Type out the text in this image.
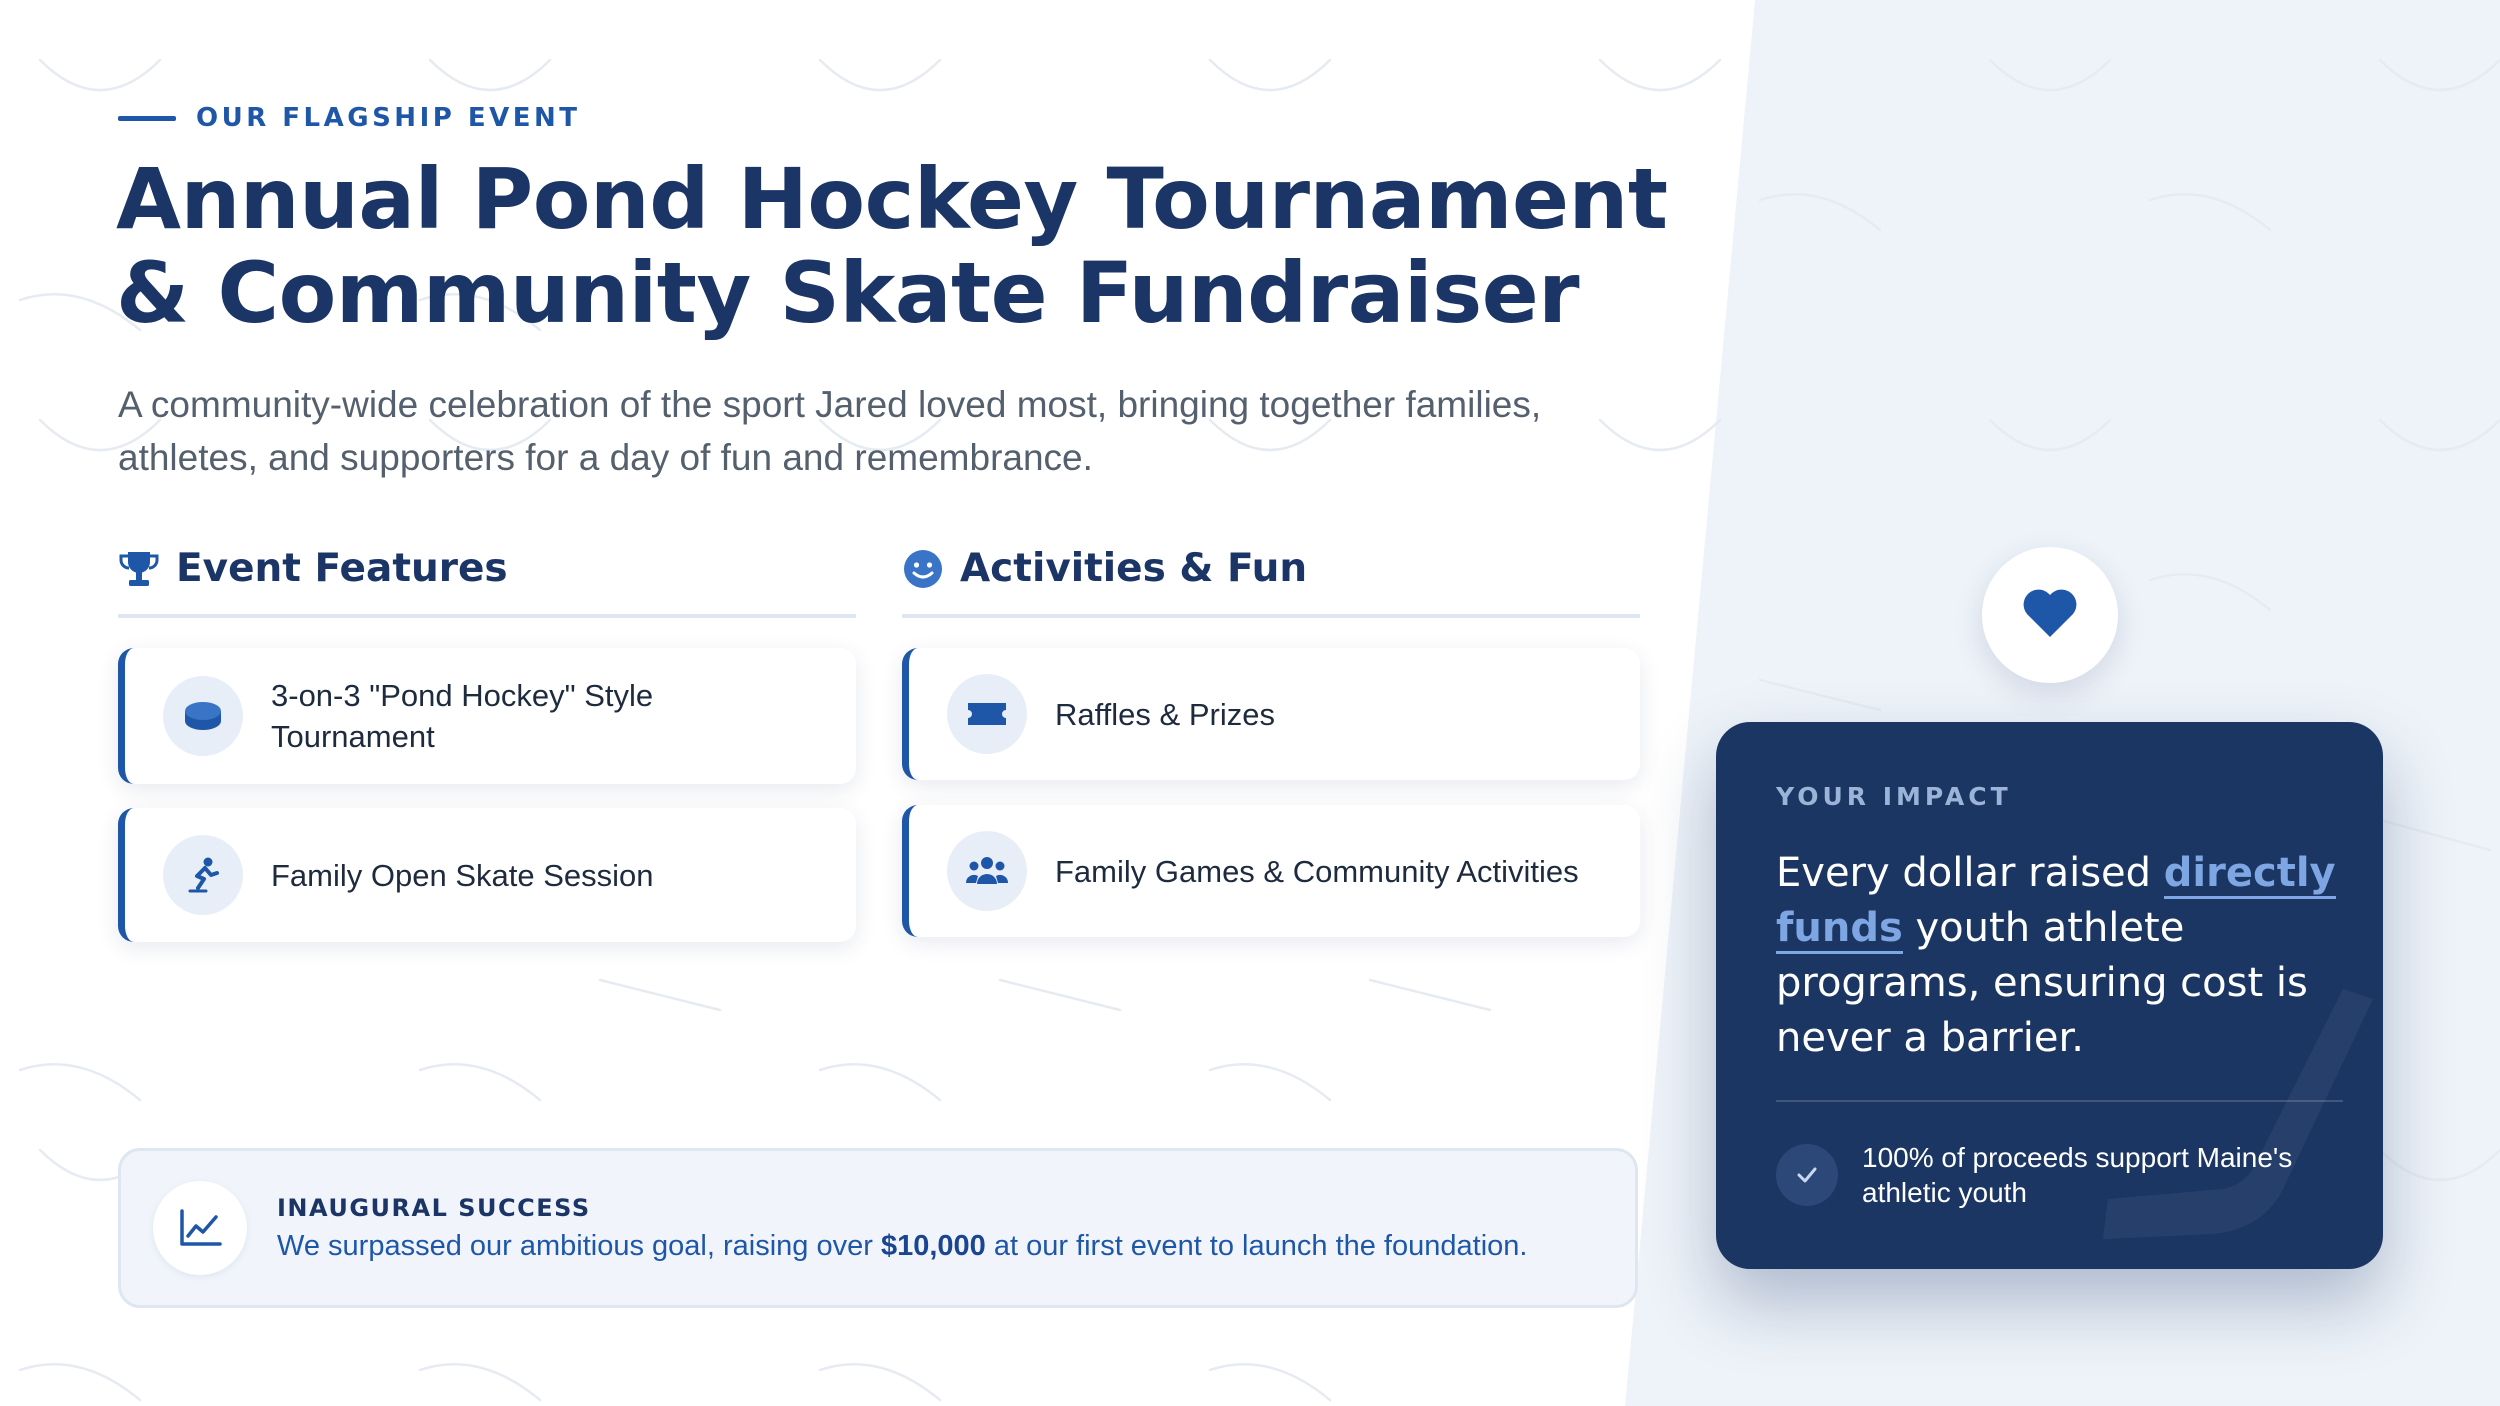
OUR FLAGSHIP EVENT
Annual Pond Hockey Tournament
& Community Skate Fundraiser

A community-wide celebration of the sport Jared loved most, bringing together families, athletes, and supporters for a day of fun and remembrance.

Event Features
3-on-3 "Pond Hockey" Style Tournament
Family Open Skate Session
Activities & Fun
Raffles & Prizes
Family Games & Community Activities
INAUGURAL SUCCESS
We surpassed our ambitious goal, raising over $10,000 at our first event to launch the foundation.
YOUR IMPACT
Every dollar raised directly funds youth athlete programs, ensuring cost is never a barrier.
100% of proceeds support Maine's athletic youth
